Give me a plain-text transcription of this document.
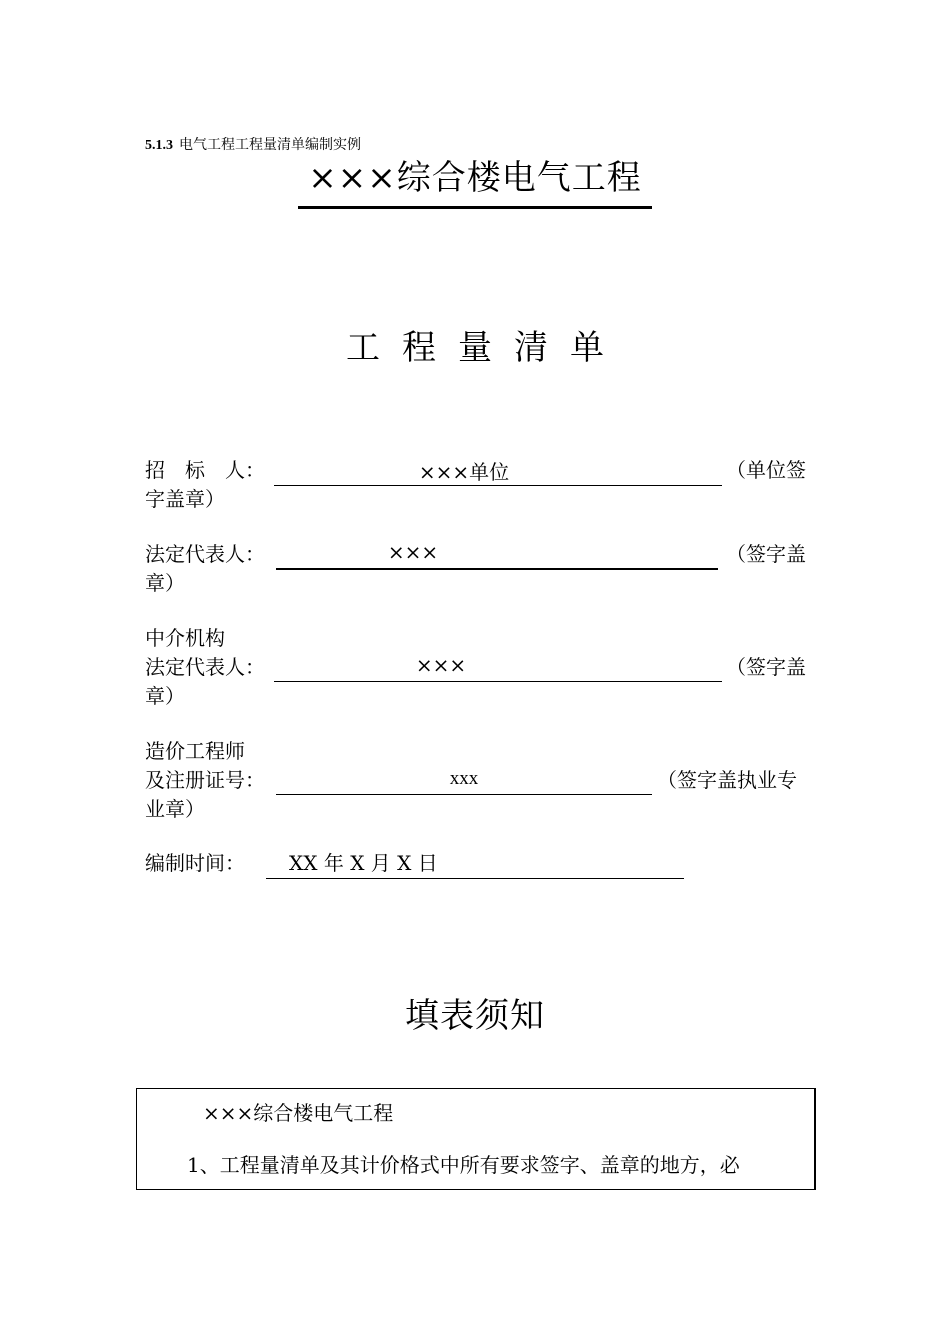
5.1.3 电气工程工程量清单编制实例
×××综合楼电气工程
工程量清单
招　标　人：	×××单位	（单位签
字盖章）
法定代表人：	×××	（签字盖
章）
中介机构
法定代表人：	×××	（签字盖
章）
造价工程师
及注册证号：	xxx	（签字盖执业专
业章）
编制时间： XX 年 X 月 X 日
填表须知
×××综合楼电气工程
1、工程量清单及其计价格式中所有要求签字、盖章的地方，必
